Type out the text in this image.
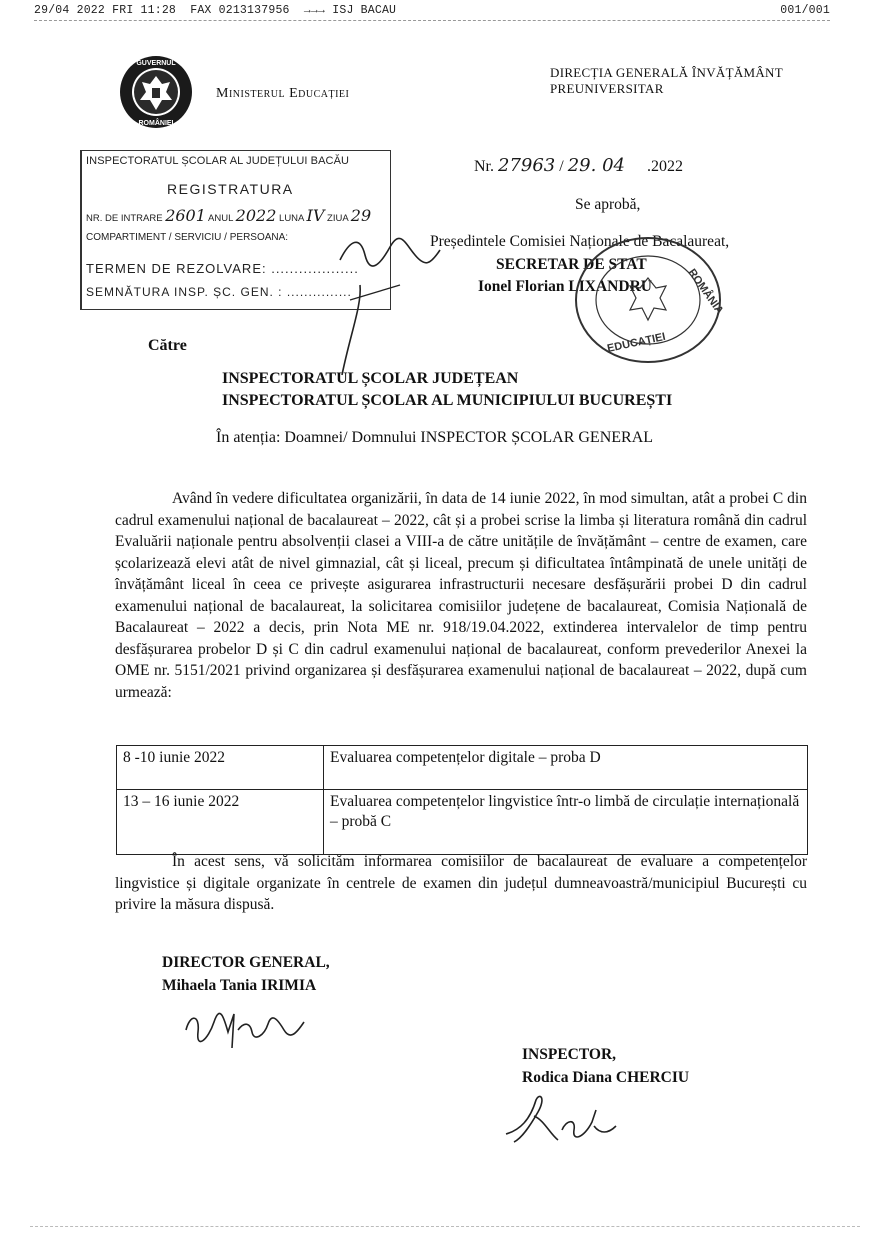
29/04 2022 FRI 11:28  FAX 0213137956  →→→ ISJ BACAU	001/001
GUVERNUL
ROMÂNIEI
Ministerul Educației
DIRECȚIA GENERALĂ ÎNVĂȚĂMÂNT
PREUNIVERSITAR
INSPECTORATUL ȘCOLAR AL JUDEȚULUI BACĂU
REGISTRATURA
NR. DE INTRARE 2601 ANUL 2022 LUNA IV ZIUA 29
COMPARTIMENT / SERVICIU / PERSOANA:
TERMEN DE REZOLVARE: ...................
SEMNĂTURA INSP. ȘC. GEN. : ...............
Nr. 27963 / 29. 04 .2022
Se aprobă,
Președintele Comisiei Naționale de Bacalaureat,
SECRETAR DE STAT
Ionel Florian LIXANDRU	ROMÂNIA
EDUCAȚIEI
Către
INSPECTORATUL ȘCOLAR JUDEȚEAN
INSPECTORATUL ȘCOLAR AL MUNICIPIULUI BUCUREȘTI
În atenția: Doamnei/ Domnului INSPECTOR ȘCOLAR GENERAL
Având în vedere dificultatea organizării, în data de 14 iunie 2022, în mod simultan, atât a probei C din cadrul examenului național de bacalaureat – 2022, cât și a probei scrise la limba și literatura română din cadrul Evaluării naționale pentru absolvenții clasei a VIII-a de către unitățile de învățământ – centre de examen, care școlarizează elevi atât de nivel gimnazial, cât și liceal, precum și dificultatea întâmpinată de unele unități de învățământ liceal în ceea ce privește asigurarea infrastructurii necesare desfășurării probei D din cadrul examenului național de bacalaureat, la solicitarea comisiilor județene de bacalaureat, Comisia Națională de Bacalaureat – 2022 a decis, prin Nota ME nr. 918/19.04.2022, extinderea intervalelor de timp pentru desfășurarea probelor D și C din cadrul examenului național de bacalaureat, conform prevederilor Anexei la OME nr. 5151/2021 privind organizarea și desfășurarea examenului național de bacalaureat – 2022, după cum urmează:
8 -10 iunie 2022	Evaluarea competențelor digitale – proba D
13 – 16 iunie 2022	Evaluarea competențelor lingvistice într-o limbă de circulație internațională – probă C
În acest sens, vă solicităm informarea comisiilor de bacalaureat de evaluare a competențelor lingvistice și digitale organizate în centrele de examen din județul dumneavoastră/municipiul București cu privire la măsura dispusă.
DIRECTOR GENERAL,
Mihaela Tania IRIMIA
INSPECTOR,
Rodica Diana CHERCIU
